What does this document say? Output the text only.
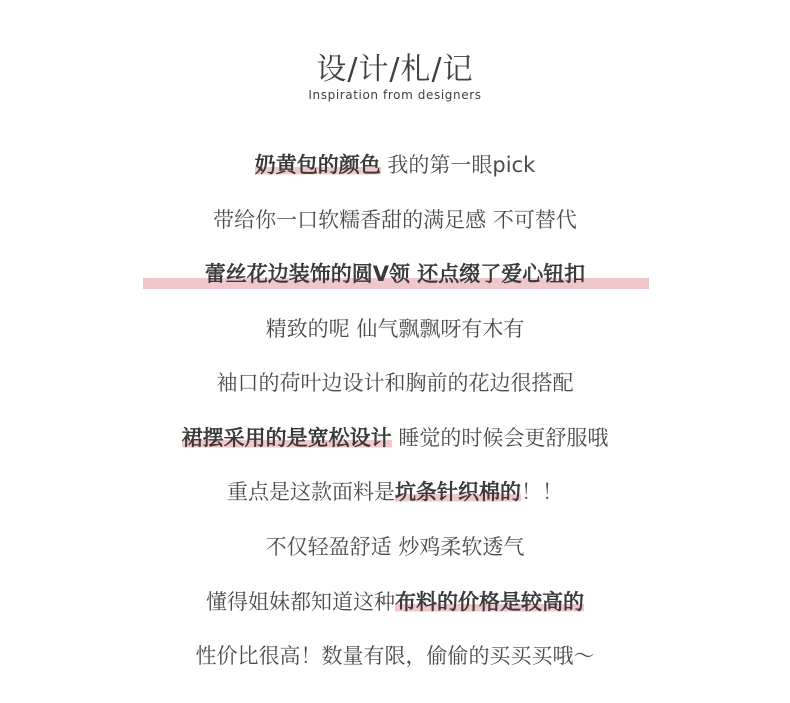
设/计/札/记
Inspiration from designers
奶黄包的颜色 我的第一眼pick
带给你一口软糯香甜的满足感 不可替代
蕾丝花边装饰的圆V领 还点缀了爱心钮扣
精致的呢 仙气飘飘呀有木有
袖口的荷叶边设计和胸前的花边很搭配
裙摆采用的是宽松设计 睡觉的时候会更舒服哦
重点是这款面料是坑条针织棉的！！
不仅轻盈舒适 炒鸡柔软透气
懂得姐妹都知道这种布料的价格是较高的
性价比很高！数量有限，偷偷的买买买哦～
